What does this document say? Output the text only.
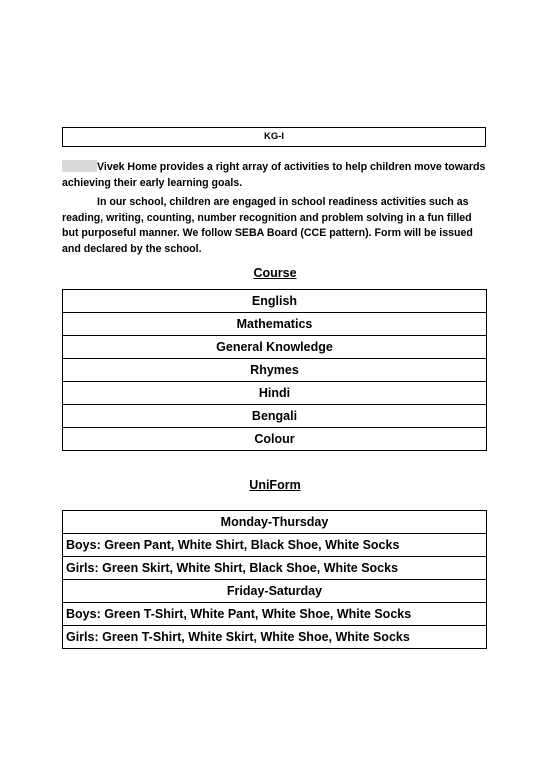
KG-I

Vivek Home provides a right array of activities to help children move towards achieving their early learning goals.

In our school, children are engaged in school readiness activities such as reading, writing, counting, number recognition and problem solving in a fun filled but purposeful manner. We follow SEBA Board (CCE pattern). Form will be issued and declared by the school.

Course
English
Mathematics
General Knowledge
Rhymes
Hindi
Bengali
Colour
UniForm
Monday-Thursday
Boys: Green Pant, White Shirt, Black Shoe, White Socks
Girls: Green Skirt, White Shirt, Black Shoe, White Socks
Friday-Saturday
Boys: Green T-Shirt, White Pant, White Shoe, White Socks
Girls: Green T-Shirt, White Skirt, White Shoe, White Socks
